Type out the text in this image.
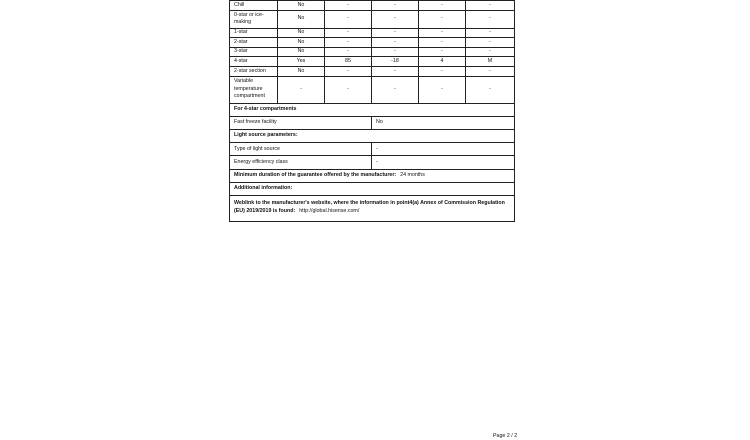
Chill	No	-	-	-	-
0-star or ice-making	No	-	-	-	-
1-star	No	-	-	-	-
2-star	No	-	-	-	-
3-star	No	-	-	-	-
4-star	Yes	85	-18	4	M
2-star section	No	-	-	-	-
Variable temperature compartment	-	-	-	-	-
For 4-star compartments					
Fast freeze facility			No		
Light source parameters:					
Type of light source			-		
Energy efficiency class			-		
Minimum duration of the guarantee offered by the manufacturer: 24 months					
Additional information:					
Weblink to the manufacturer's website, where the information in point4(a) Annex of Commission Regulation (EU) 2019/2019 is found: http://global.hisense.com/					
Page 2 / 2
